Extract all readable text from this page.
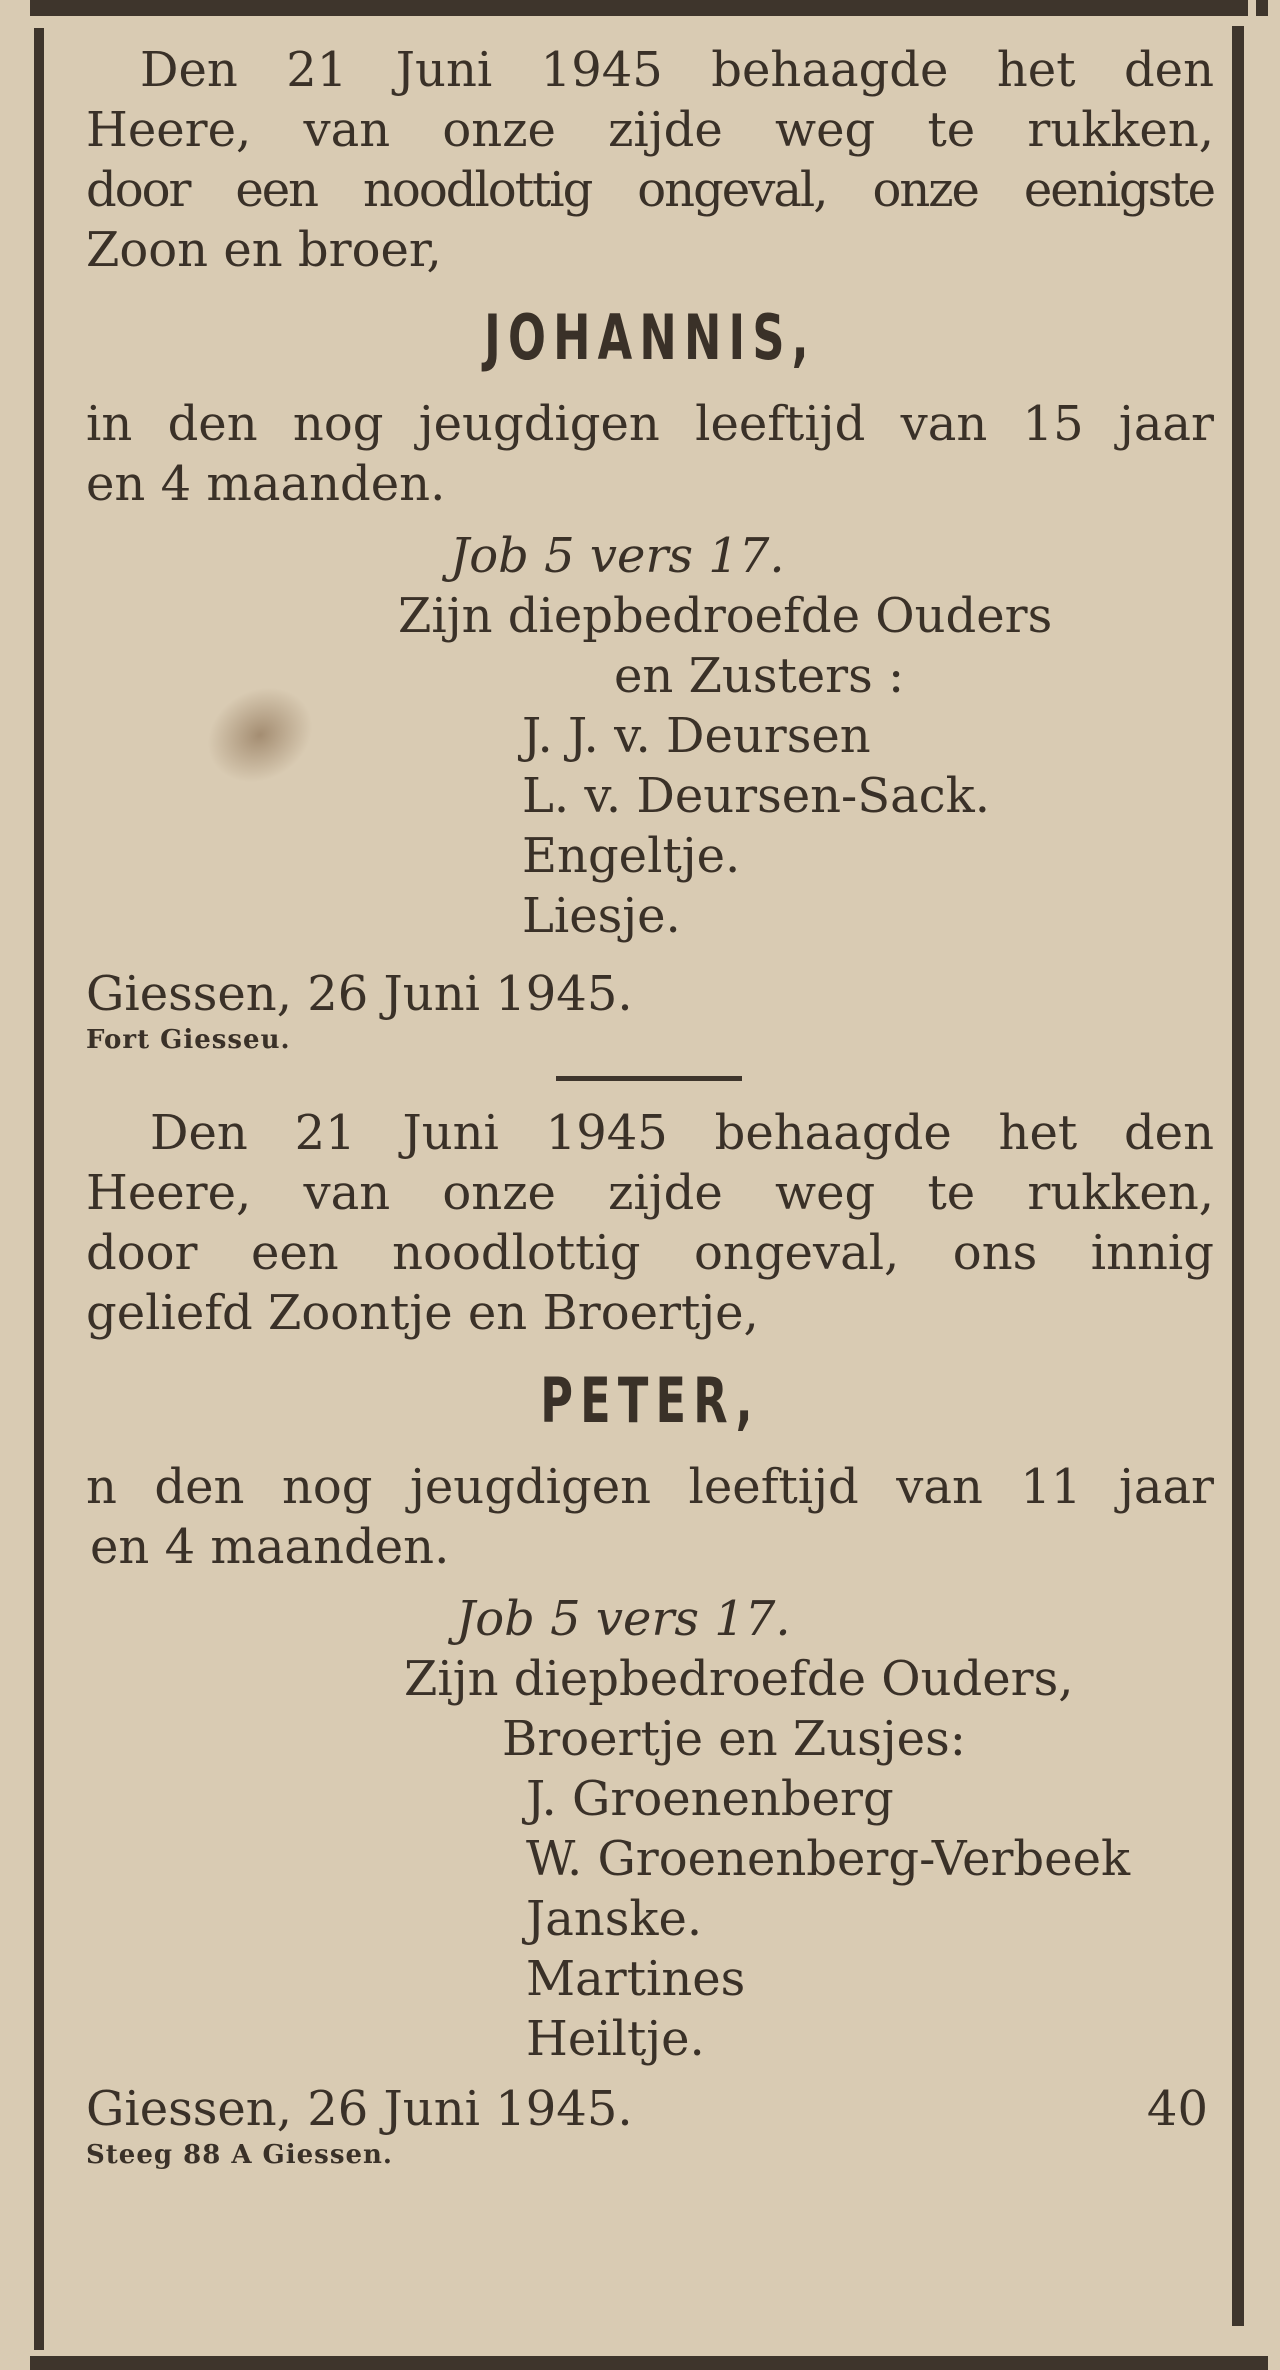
Den 21 Juni 1945 behaagde het den
Heere, van onze zijde weg te rukken,
door een noodlottig ongeval, onze eenigste
Zoon en broer,
JOHANNIS,
in den nog jeugdigen leeftijd van 15 jaar
en 4 maanden.
Job 5 vers 17.
Zijn diepbedroefde Ouders
en Zusters :
J. J. v. Deursen
L. v. Deursen-Sack.
Engeltje.
Liesje.
Giessen, 26 Juni 1945.
Fort Giesseu.
Den 21 Juni 1945 behaagde het den
Heere, van onze zijde weg te rukken,
door een noodlottig ongeval, ons innig
geliefd Zoontje en Broertje,
PETER,
n den nog jeugdigen leeftijd van 11 jaar
en 4 maanden.
Job 5 vers 17.
Zijn diepbedroefde Ouders,
Broertje en Zusjes:
J. Groenenberg
W. Groenenberg-Verbeek
Janske.
Martines
Heiltje.
Giessen, 26 Juni 1945.	40
Steeg 88 A Giessen.
